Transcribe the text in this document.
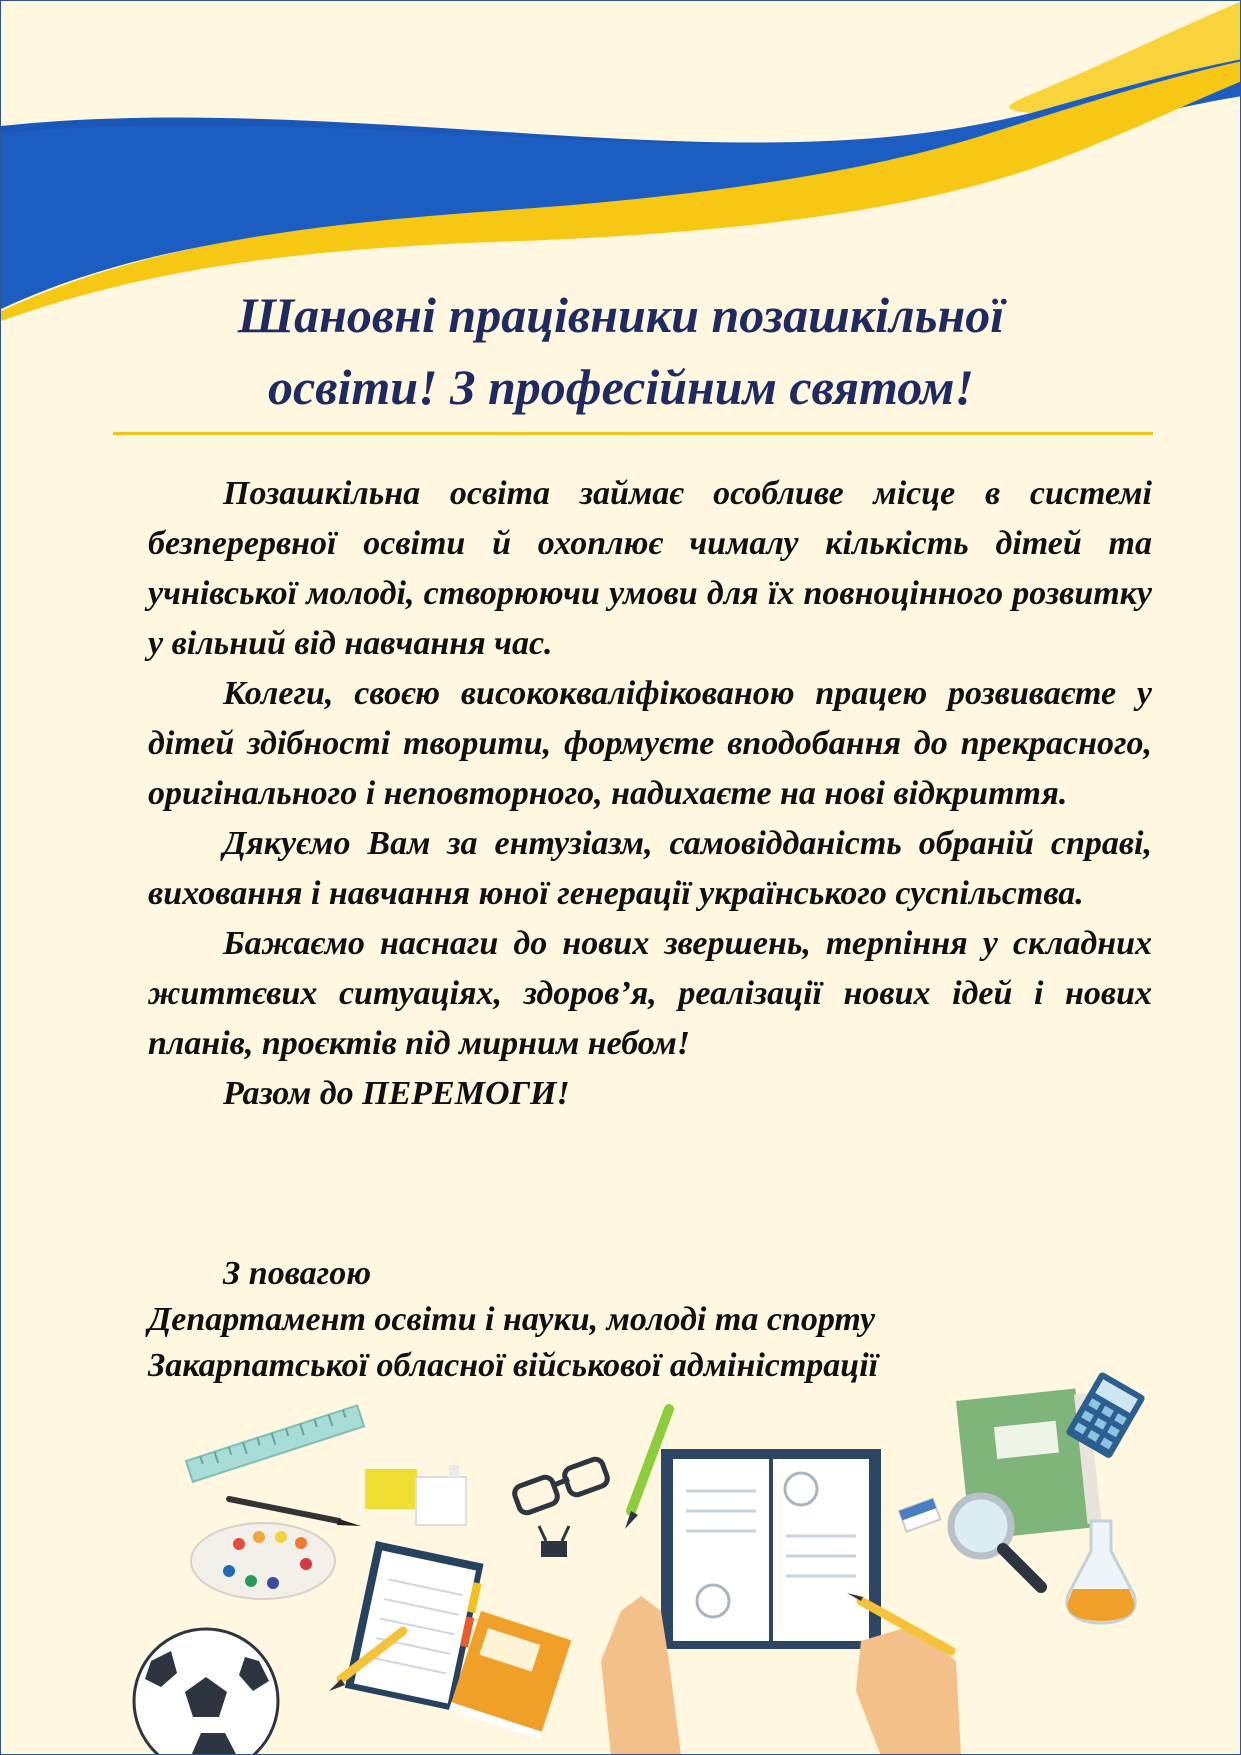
Шановні працівники позашкільної
освіти! З професійним святом!

Позашкільна освіта займає особливе місце в системі безперервної освіти й охоплює чималу кількість дітей та учнівської молоді, створюючи умови для їх повноцінного розвитку у вільний від навчання час.

Колеги, своєю висококваліфікованою працею розвиваєте у дітей здібності творити, формуєте вподобання до прекрасного, оригінального і неповторного, надихаєте на нові відкриття.

Дякуємо Вам за ентузіазм, самовідданість обраній справі, виховання і навчання юної генерації українського суспільства.

Бажаємо наснаги до нових звершень, терпіння у складних життєвих ситуаціях, здоров’я, реалізації нових ідей і нових планів, проєктів під мирним небом!

Разом до ПЕРЕМОГИ!

З повагою
Департамент освіти і науки, молоді та спорту
Закарпатської обласної військової адміністрації
